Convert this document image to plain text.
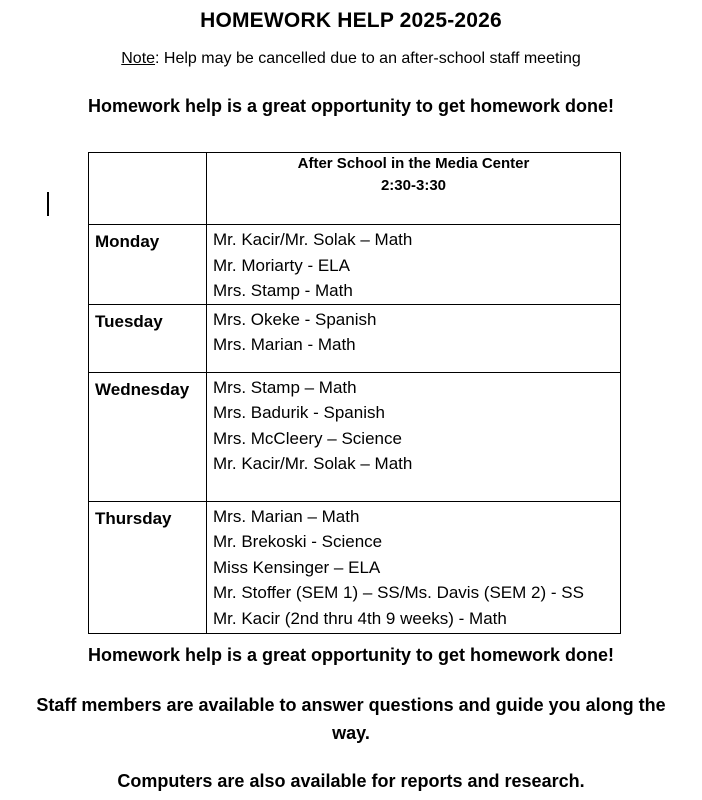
HOMEWORK HELP 2025-2026
Note: Help may be cancelled due to an after-school staff meeting
Homework help is a great opportunity to get homework done!

	After School in the Media Center
2:30-3:30

Monday	Mr. Kacir/Mr. Solak – Math
Mr. Moriarty - ELA
Mrs. Stamp - Math

Tuesday	Mrs. Okeke - Spanish
Mrs. Marian - Math

Wednesday	Mrs. Stamp – Math
Mrs. Badurik - Spanish
Mrs. McCleery – Science
Mr. Kacir/Mr. Solak – Math

Thursday	Mrs. Marian – Math
Mr. Brekoski - Science
Miss Kensinger – ELA
Mr. Stoffer (SEM 1) – SS/Ms. Davis (SEM 2) - SS
Mr. Kacir (2nd thru 4th 9 weeks) - Math
Homework help is a great opportunity to get homework done!
Staff members are available to answer questions and guide you along the way.
Computers are also available for reports and research.
